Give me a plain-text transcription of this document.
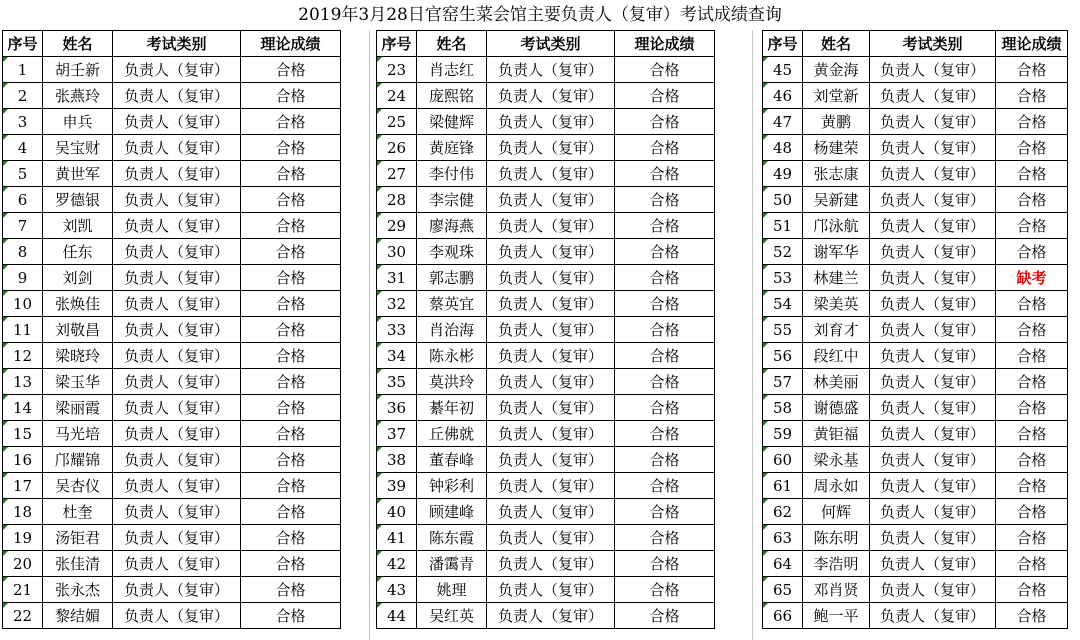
2019年3月28日官窑生菜会馆主要负责人（复审）考试成绩查询
序号	姓名	考试类别	理论成绩
1	胡壬新	负责人（复审）	合格
2	张燕玲	负责人（复审）	合格
3	申兵	负责人（复审）	合格
4	吴宝财	负责人（复审）	合格
5	黄世军	负责人（复审）	合格
6	罗德银	负责人（复审）	合格
7	刘凯	负责人（复审）	合格
8	任东	负责人（复审）	合格
9	刘剑	负责人（复审）	合格
10	张焕佳	负责人（复审）	合格
11	刘敬昌	负责人（复审）	合格
12	梁晓玲	负责人（复审）	合格
13	梁玉华	负责人（复审）	合格
14	梁丽霞	负责人（复审）	合格
15	马光培	负责人（复审）	合格
16	邝耀锦	负责人（复审）	合格
17	吴杏仪	负责人（复审）	合格
18	杜奎	负责人（复审）	合格
19	汤钜君	负责人（复审）	合格
20	张佳清	负责人（复审）	合格
21	张永杰	负责人（复审）	合格
22	黎结媚	负责人（复审）	合格
序号	姓名	考试类别	理论成绩
23	肖志红	负责人（复审）	合格
24	庞熙铭	负责人（复审）	合格
25	梁健辉	负责人（复审）	合格
26	黄庭锋	负责人（复审）	合格
27	李付伟	负责人（复审）	合格
28	李宗健	负责人（复审）	合格
29	廖海燕	负责人（复审）	合格
30	李观珠	负责人（复审）	合格
31	郭志鹏	负责人（复审）	合格
32	蔡英宜	负责人（复审）	合格
33	肖治海	负责人（复审）	合格
34	陈永彬	负责人（复审）	合格
35	莫洪玲	负责人（复审）	合格
36	綦年初	负责人（复审）	合格
37	丘佛就	负责人（复审）	合格
38	董春峰	负责人（复审）	合格
39	钟彩利	负责人（复审）	合格
40	顾建峰	负责人（复审）	合格
41	陈东霞	负责人（复审）	合格
42	潘霭青	负责人（复审）	合格
43	姚理	负责人（复审）	合格
44	吴红英	负责人（复审）	合格
序号	姓名	考试类别	理论成绩
45	黄金海	负责人（复审）	合格
46	刘堂新	负责人（复审）	合格
47	黄鹏	负责人（复审）	合格
48	杨建荣	负责人（复审）	合格
49	张志康	负责人（复审）	合格
50	吴新建	负责人（复审）	合格
51	邝泳航	负责人（复审）	合格
52	谢军华	负责人（复审）	合格
53	林建兰	负责人（复审）	缺考
54	梁美英	负责人（复审）	合格
55	刘育才	负责人（复审）	合格
56	段红中	负责人（复审）	合格
57	林美丽	负责人（复审）	合格
58	谢德盛	负责人（复审）	合格
59	黄钜福	负责人（复审）	合格
60	梁永基	负责人（复审）	合格
61	周永如	负责人（复审）	合格
62	何辉	负责人（复审）	合格
63	陈东明	负责人（复审）	合格
64	李浩明	负责人（复审）	合格
65	邓肖贤	负责人（复审）	合格
66	鲍一平	负责人（复审）	合格
